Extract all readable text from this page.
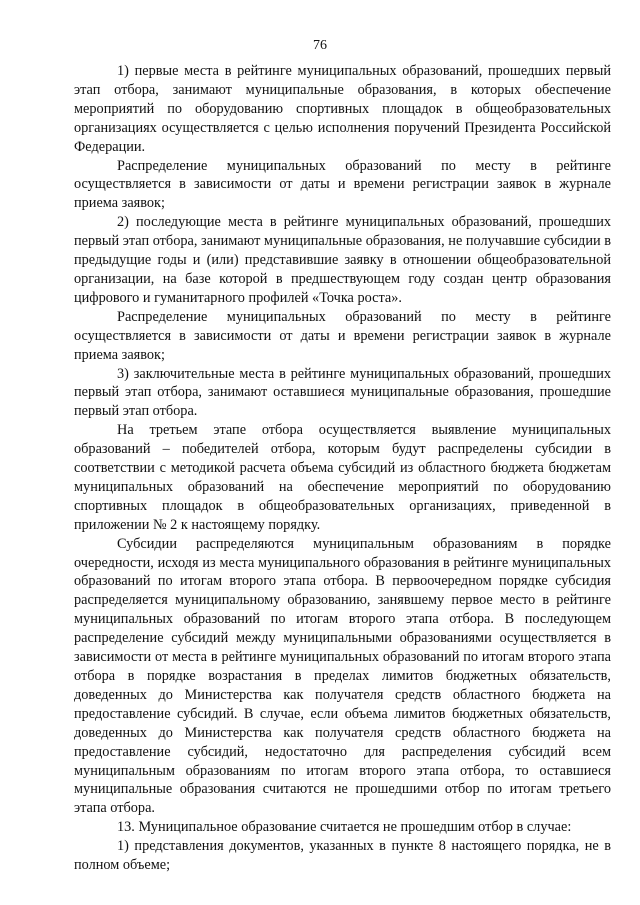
76

1) первые места в рейтинге муниципальных образований, прошедших первый этап отбора, занимают муниципальные образования, в которых обеспечение мероприятий по оборудованию спортивных площадок в общеобразовательных организациях осуществляется с целью исполнения поручений Президента Российской Федерации.

Распределение муниципальных образований по месту в рейтинге осуществляется в зависимости от даты и времени регистрации заявок в журнале приема заявок;

2) последующие места в рейтинге муниципальных образований, прошедших первый этап отбора, занимают муниципальные образования, не получавшие субсидии в предыдущие годы и (или) представившие заявку в отношении общеобразовательной организации, на базе которой в предшествующем году создан центр образования цифрового и гуманитарного профилей «Точка роста».

Распределение муниципальных образований по месту в рейтинге осуществляется в зависимости от даты и времени регистрации заявок в журнале приема заявок;

3) заключительные места в рейтинге муниципальных образований, прошедших первый этап отбора, занимают оставшиеся муниципальные образования, прошедшие первый этап отбора.

На третьем этапе отбора осуществляется выявление муниципальных образований – победителей отбора, которым будут распределены субсидии в соответствии с методикой расчета объема субсидий из областного бюджета бюджетам муниципальных образований на обеспечение мероприятий по оборудованию спортивных площадок в общеобразовательных организациях, приведенной в приложении № 2 к настоящему порядку.

Субсидии распределяются муниципальным образованиям в порядке очередности, исходя из места муниципального образования в рейтинге муниципальных образований по итогам второго этапа отбора. В первоочередном порядке субсидия распределяется муниципальному образованию, занявшему первое место в рейтинге муниципальных образований по итогам второго этапа отбора. В последующем распределение субсидий между муниципальными образованиями осуществляется в зависимости от места в рейтинге муниципальных образований по итогам второго этапа отбора в порядке возрастания в пределах лимитов бюджетных обязательств, доведенных до Министерства как получателя средств областного бюджета на предоставление субсидий. В случае, если объема лимитов бюджетных обязательств, доведенных до Министерства как получателя средств областного бюджета на предоставление субсидий, недостаточно для распределения субсидий всем муниципальным образованиям по итогам второго этапа отбора, то оставшиеся муниципальные образования считаются не прошедшими отбор по итогам третьего этапа отбора.

13. Муниципальное образование считается не прошедшим отбор в случае:

1) представления документов, указанных в пункте 8 настоящего порядка, не в полном объеме;
